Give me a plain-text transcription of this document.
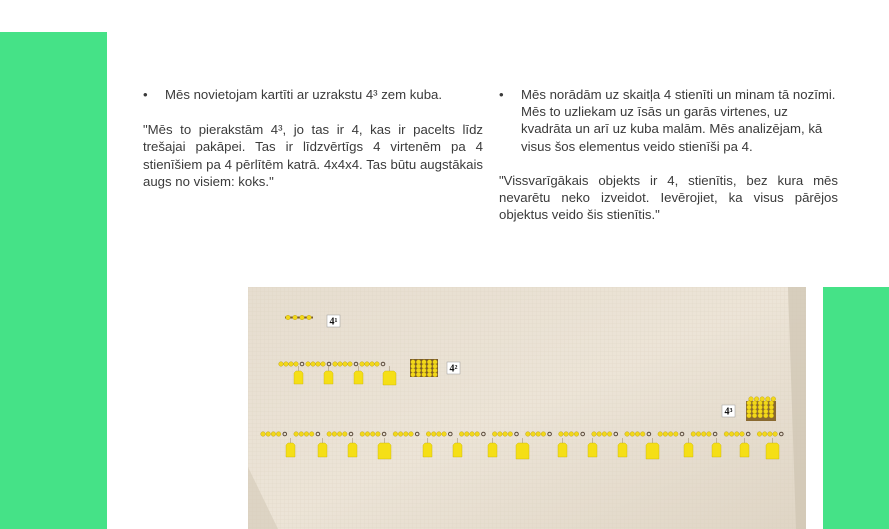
•	Mēs novietojam kartīti ar uzrakstu 4³ zem kuba.

"Mēs to pierakstām 4³, jo tas ir 4, kas ir pacelts līdz trešajai pakāpei. Tas ir līdzvērtīgs 4 virtenēm pa 4 stienīšiem pa 4 pērlītēm katrā. 4x4x4. Tas būtu augstākais augs no visiem: koks."

•	Mēs norādām uz skaitļa 4 stienīti un minam tā nozīmi. Mēs to uzliekam uz īsās un garās virtenes, uz kvadrāta un arī uz kuba malām. Mēs analizējam, kā visus šos elementus veido stienīši pa 4.

"Vissvarīgākais objekts ir 4, stienītis, bez kura mēs nevarētu neko izveidot. Ievērojiet, ka visus pārējos objektus veido šis stienītis."

4¹
4²
4³
